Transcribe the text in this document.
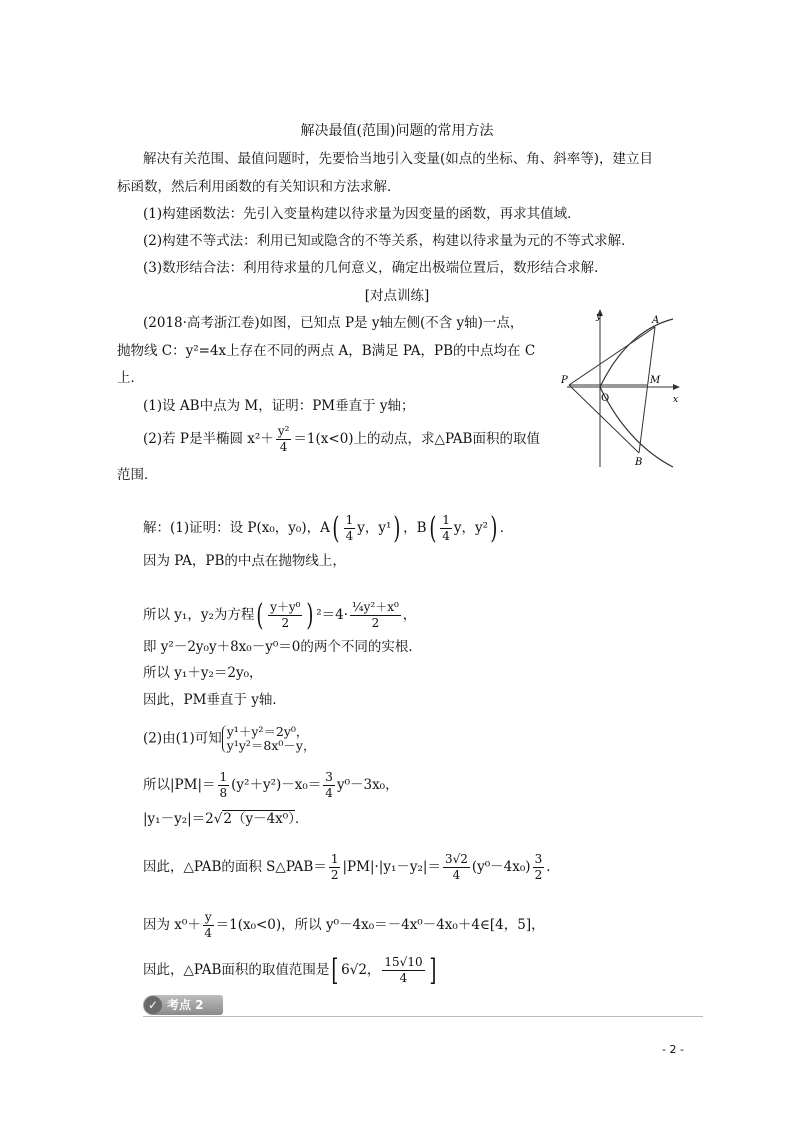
解决最值(范围)问题的常用方法
解决有关范围、最值问题时，先要恰当地引入变量(如点的坐标、角、斜率等)，建立目
标函数，然后利用函数的有关知识和方法求解．
(1)构建函数法：先引入变量构建以待求量为因变量的函数，再求其值域．
(2)构建不等式法：利用已知或隐含的不等关系，构建以待求量为元的不等式求解．
(3)数形结合法：利用待求量的几何意义，确定出极端位置后，数形结合求解．
[对点训练]
(2018·高考浙江卷)如图，已知点 P是 y轴左侧(不含 y轴)一点，
抛物线 C：y²=4x上存在不同的两点 A，B满足 PA，PB的中点均在 C
上．
(1)设 AB中点为 M，证明：PM垂直于 y轴；
(2)若 P是半椭圆 $x^2+ \frac{\text{y²}}{4} =1(x<0)$上的动点，求△PAB面积的取值
范围．
y
x
O
P	M
A
B
解：(1)证明：设 P(x₀，y₀)，$A( \frac{1}{4}$ y，y¹) ，$B( \frac{1}{4}$ y，y²) ．
因为 PA，PB的中点在抛物线上，
所以 y₁，y₂为方程( $\frac{\text{y＋y⁰}}{2}$ ) $^2=4\cdot \frac{\text{¼y²＋x⁰}}{2}$ ，
即 y²－2y₀y＋8x₀－y⁰＝0的两个不同的实根．
所以 y₁＋y₂＝2y₀，
因此，PM垂直于 y轴．
(2)由(1)可知 y¹＋y²＝2y⁰，
y¹y²＝8x⁰－y，
所以$|PM|= \frac{1}{8} (y^2+y^2)-x_0= \frac{3}{4} y^0-3x_0$，
|y₁－y₂|＝2√2（y－4x⁰）．
因此，△PAB的面积 S△PAB＝ $\frac{1}{2} |PM|\cdot|y_1-y_2|= \frac{3√2}{4} (y^0-4x_0) \frac{3}{2}$ ．
因为 $x^0+ \frac{y}{4} =1(x_0<0)$，所以 y⁰－4x₀＝－4x⁰－4x₀＋4∈[4，5]，
因此，△PAB面积的取值范围是[ 6√2， $\frac{15√10}{4}$ ]
✓ 考点 2
- 2 -
